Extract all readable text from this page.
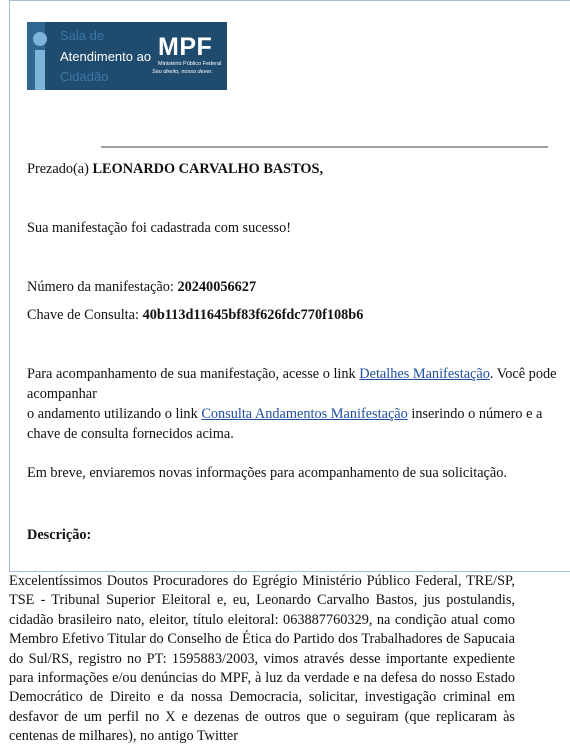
Sala de
Atendimento ao
Cidadão
MPF
Ministério Público Federal
Seu direito, nosso dever.
Prezado(a) LEONARDO CARVALHO BASTOS,
Sua manifestação foi cadastrada com sucesso!
Número da manifestação: 20240056627
Chave de Consulta: 40b113d11645bf83f626fdc770f108b6
Para acompanhamento de sua manifestação, acesse o link Detalhes Manifestação. Você pode acompanhar
o andamento utilizando o link Consulta Andamentos Manifestação inserindo o número e a
chave de consulta fornecidos acima.
Em breve, enviaremos novas informações para acompanhamento de sua solicitação.
Descrição:
Excelentíssimos Doutos Procuradores do Egrégio Ministério Público Federal, TRE/SP, TSE - Tribunal Superior Eleitoral e, eu, Leonardo Carvalho Bastos, jus postulandis, cidadão brasileiro nato, eleitor, título eleitoral: 063887760329, na condição atual como Membro Efetivo Titular do Conselho de Ética do Partido dos Trabalhadores de Sapucaia do Sul/RS, registro no PT: 1595883/2003, vimos através desse importante expediente para informações e/ou denúncias do MPF, à luz da verdade e na defesa do nosso Estado Democrático de Direito e da nossa Democracia, solicitar, investigação criminal em desfavor de um perfil no X e dezenas de outros que o seguiram (que replicaram às centenas de milhares), no antigo Twitter
